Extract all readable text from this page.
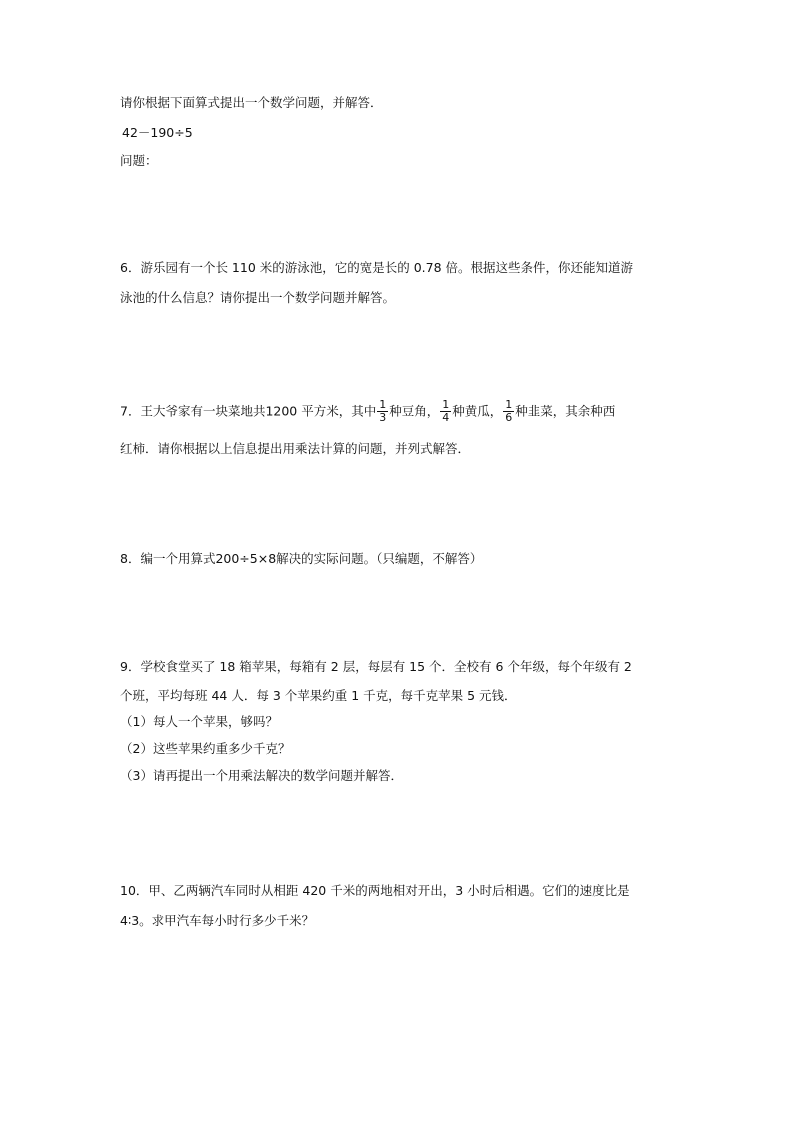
请你根据下面算式提出一个数学问题，并解答．
42－190÷5
问题：
6．游乐园有一个长 110 米的游泳池，它的宽是长的 0.78 倍。根据这些条件，你还能知道游
泳池的什么信息？请你提出一个数学问题并解答。
7．王大爷家有一块菜地共1200 平方米，其中 $\frac{1}{3}$ 种豆角， $\frac{1}{4}$ 种黄瓜， $\frac{1}{6}$ 种韭菜，其余种西
红柿．请你根据以上信息提出用乘法计算的问题，并列式解答．
8．编一个用算式200÷5×8解决的实际问题。（只编题，不解答）
9．学校食堂买了 18 箱苹果，每箱有 2 层，每层有 15 个．全校有 6 个年级，每个年级有 2
个班，平均每班 44 人．每 3 个苹果约重 1 千克，每千克苹果 5 元钱．
（1）每人一个苹果，够吗？
（2）这些苹果约重多少千克？
（3）请再提出一个用乘法解决的数学问题并解答．
10．甲、乙两辆汽车同时从相距 420 千米的两地相对开出，3 小时后相遇。它们的速度比是
4∶3。求甲汽车每小时行多少千米？
